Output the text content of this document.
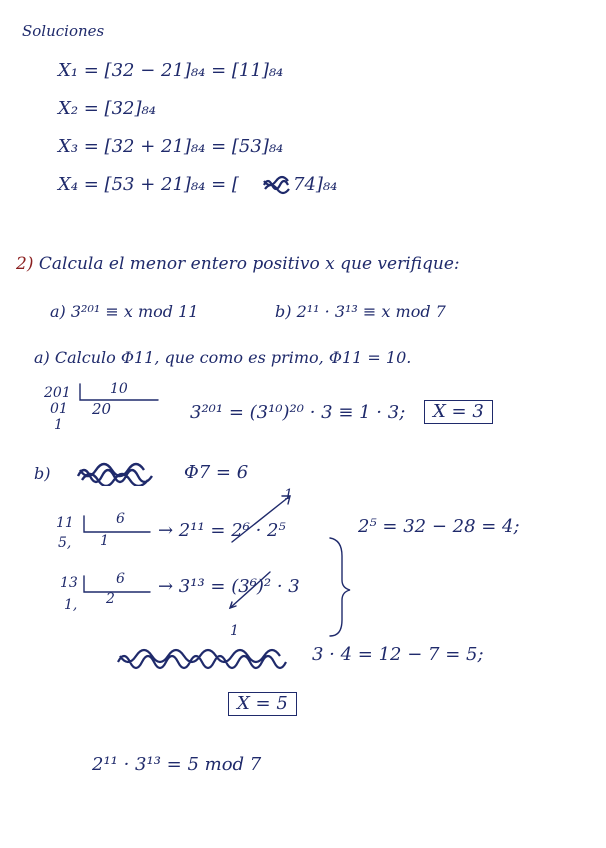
Soluciones
X₁ = [32 − 21]₈₄ = [11]₈₄
X₂ = [32]₈₄
X₃ = [32 + 21]₈₄ = [53]₈₄
X₄ = [53 + 21]₈₄ = [	74]₈₄
2) Calcula el menor entero positivo x que verifique:
a) 3²⁰¹ ≡ x mod 11	b) 2¹¹ · 3¹³ ≡ x mod 7
a) Calculo Φ11, que como es primo, Φ11 = 10.
201
01
1
10
20	3²⁰¹ = (3¹⁰)²⁰ · 3 ≡ 1 · 3;	X = 3
b)	Φ7 = 6
11
5,
6
1	→ 2¹¹ = 2⁶ · 2⁵
1
2⁵ = 32 − 28 = 4;
13
1,
6
2
→ 3¹³ = (3⁶)² · 3
1
3 · 4 = 12 − 7 = 5;
X = 5
2¹¹ · 3¹³ = 5 mod 7
